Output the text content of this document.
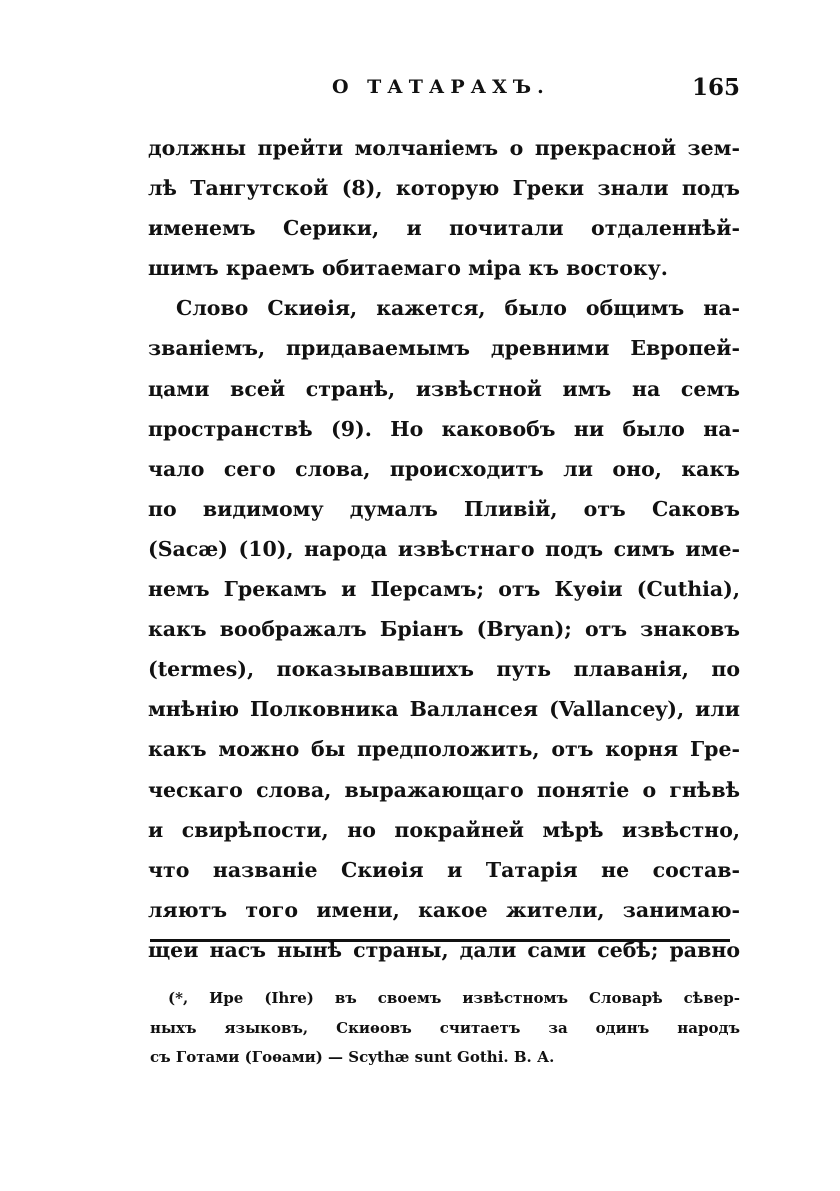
О ТАТАРАХЪ.	165
должны прейти молчаніемъ о прекрасной зем-
лѣ Тангутской (8), которую Греки знали подъ
именемъ Серики, и почитали отдаленнѣй-
шимъ краемъ обитаемаго міра къ востоку.
Слово Скиѳія, кажется, было общимъ на-
званіемъ, придаваемымъ древними Европей-
цами всей странѣ, извѣстной имъ на семъ
пространствѣ (9). Но каковобъ ни было на-
чало сего слова, происходитъ ли оно, какъ
по видимому думалъ Пливій, отъ Саковъ
(Sacæ) (10), народа извѣстнаго подъ симъ име-
немъ Грекамъ и Персамъ; отъ Куѳіи (Cuthia),
какъ воображалъ Бріанъ (Bryan); отъ знаковъ
(termes), показывавшихъ путь плаванія, по
мнѣнію Полковника Валлансея (Vallancey), или
какъ можно бы предположить, отъ корня Гре-
ческаго слова, выражающаго понятіе о гнѣвѣ
и свирѣпости, но покрайней мѣрѣ извѣстно,
что названіе Скиѳія и Татарія не состав-
ляютъ того имени, какое жители, занимаю-
щеи насъ нынѣ страны, дали сами себѣ; равно
(*, Ире (Ihre) въ своемъ извѣстномъ Словарѣ сѣвер-
ныхъ языковъ, Скиѳовъ считаетъ за одинъ народъ
съ Готами (Гоѳами) — Scythæ sunt Gothi. В. А.
